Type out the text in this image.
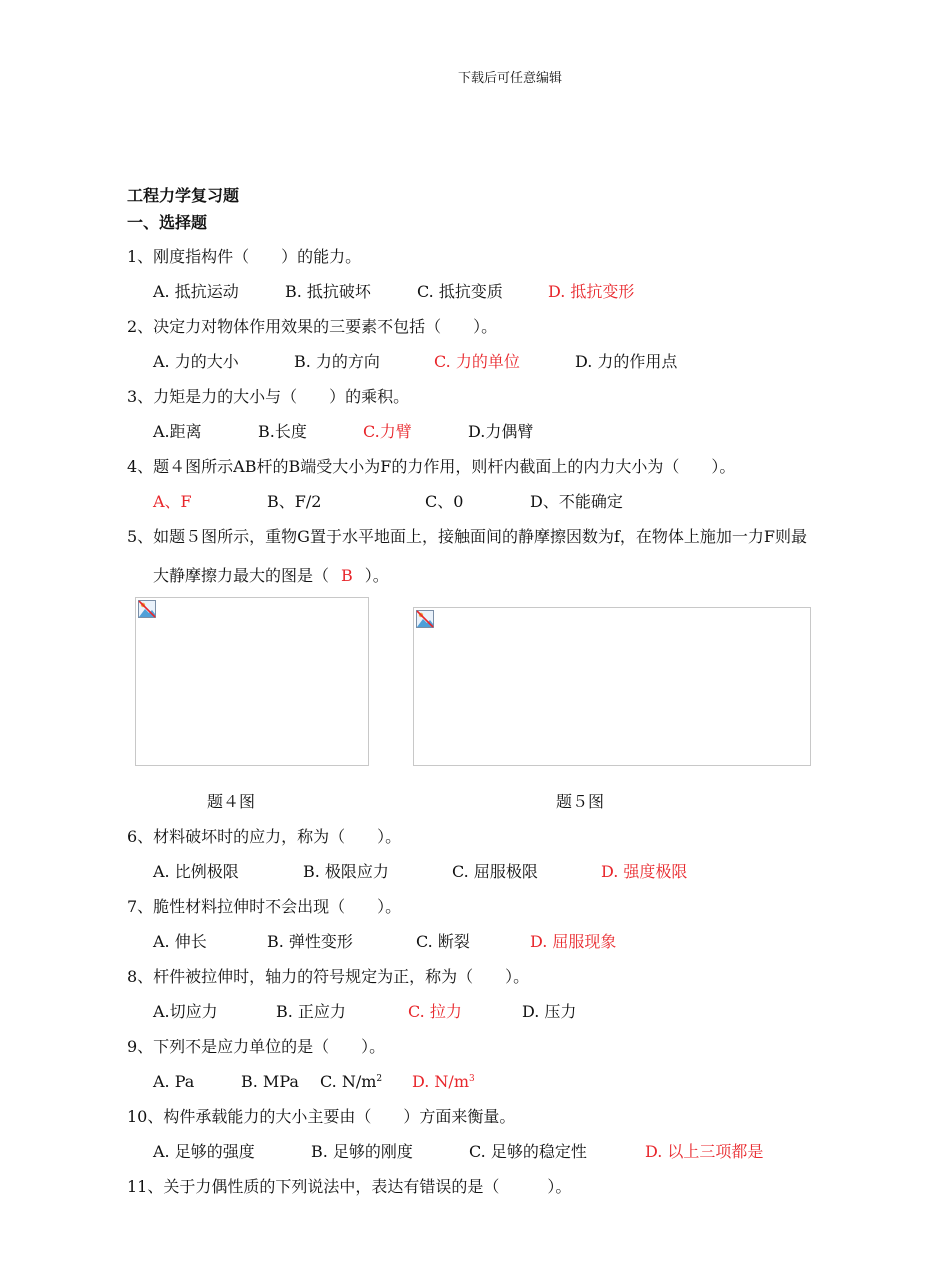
下载后可任意编辑
工程力学复习题
一、选择题
1、刚度指构件（　　）的能力。
A. 抵抗运动	B. 抵抗破坏	C. 抵抗变质	D. 抵抗变形
2、决定力对物体作用效果的三要素不包括（　　）。
A. 力的大小	B. 力的方向	C. 力的单位	D. 力的作用点
3、力矩是力的大小与（　　）的乘积。
A.距离	B.长度	C.力臂	D.力偶臂
4、题４图所示AB杆的B端受大小为F的力作用，则杆内截面上的内力大小为（　　）。
A、F	B、F/2	C、0	D、不能确定
5、如题５图所示，重物G置于水平地面上，接触面间的静摩擦因数为f，在物体上施加一力F则最
大静摩擦力最大的图是（ B ）。
题４图	题５图
6、材料破坏时的应力，称为（　　）。
A. 比例极限	B. 极限应力	C. 屈服极限	D. 强度极限
7、脆性材料拉伸时不会出现（　　）。
A. 伸长	B. 弹性变形	C. 断裂	D. 屈服现象
8、杆件被拉伸时，轴力的符号规定为正，称为（　　）。
A.切应力	B. 正应力	C. 拉力	D. 压力
9、下列不是应力单位的是（　　）。
A. Pa	B. MPa C. $N/m^2$ D. $N/m^3$
10、构件承载能力的大小主要由（　　）方面来衡量。
A. 足够的强度	B. 足够的刚度	C. 足够的稳定性	D. 以上三项都是
11、关于力偶性质的下列说法中，表达有错误的是（　　　）。
